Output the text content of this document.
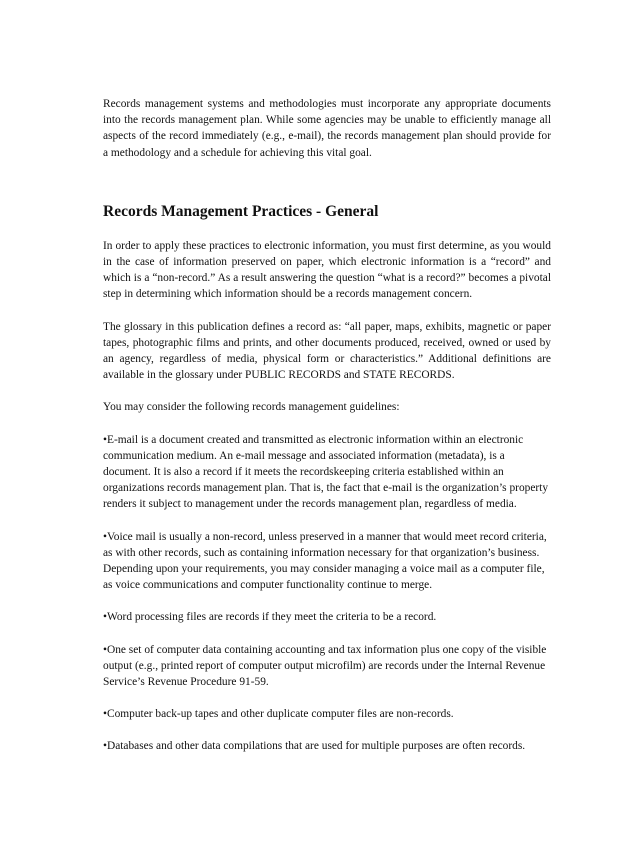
Records management systems and methodologies must incorporate any appropriate documents into the records management plan. While some agencies may be unable to efficiently manage all aspects of the record immediately (e.g., e-mail), the records management plan should provide for a methodology and a schedule for achieving this vital goal.

Records Management Practices - General

In order to apply these practices to electronic information, you must first determine, as you would in the case of information preserved on paper, which electronic information is a “record” and which is a “non-record.” As a result answering the question “what is a record?” becomes a pivotal step in determining which information should be a records management concern.

The glossary in this publication defines a record as: “all paper, maps, exhibits, magnetic or paper tapes, photographic films and prints, and other documents produced, received, owned or used by an agency, regardless of media, physical form or characteristics.” Additional definitions are available in the glossary under PUBLIC RECORDS and STATE RECORDS.

You may consider the following records management guidelines:

•E-mail is a document created and transmitted as electronic information within an electronic communication medium. An e-mail message and associated information (metadata), is a document. It is also a record if it meets the recordskeeping criteria established within an organizations records management plan. That is, the fact that e-mail is the organization’s property renders it subject to management under the records management plan, regardless of media.

•Voice mail is usually a non-record, unless preserved in a manner that would meet record criteria, as with other records, such as containing information necessary for that organization’s business. Depending upon your requirements, you may consider managing a voice mail as a computer file, as voice communications and computer functionality continue to merge.

•Word processing files are records if they meet the criteria to be a record.

•One set of computer data containing accounting and tax information plus one copy of the visible output (e.g., printed report of computer output microfilm) are records under the Internal Revenue Service’s Revenue Procedure 91-59.

•Computer back-up tapes and other duplicate computer files are non-records.

•Databases and other data compilations that are used for multiple purposes are often records.
